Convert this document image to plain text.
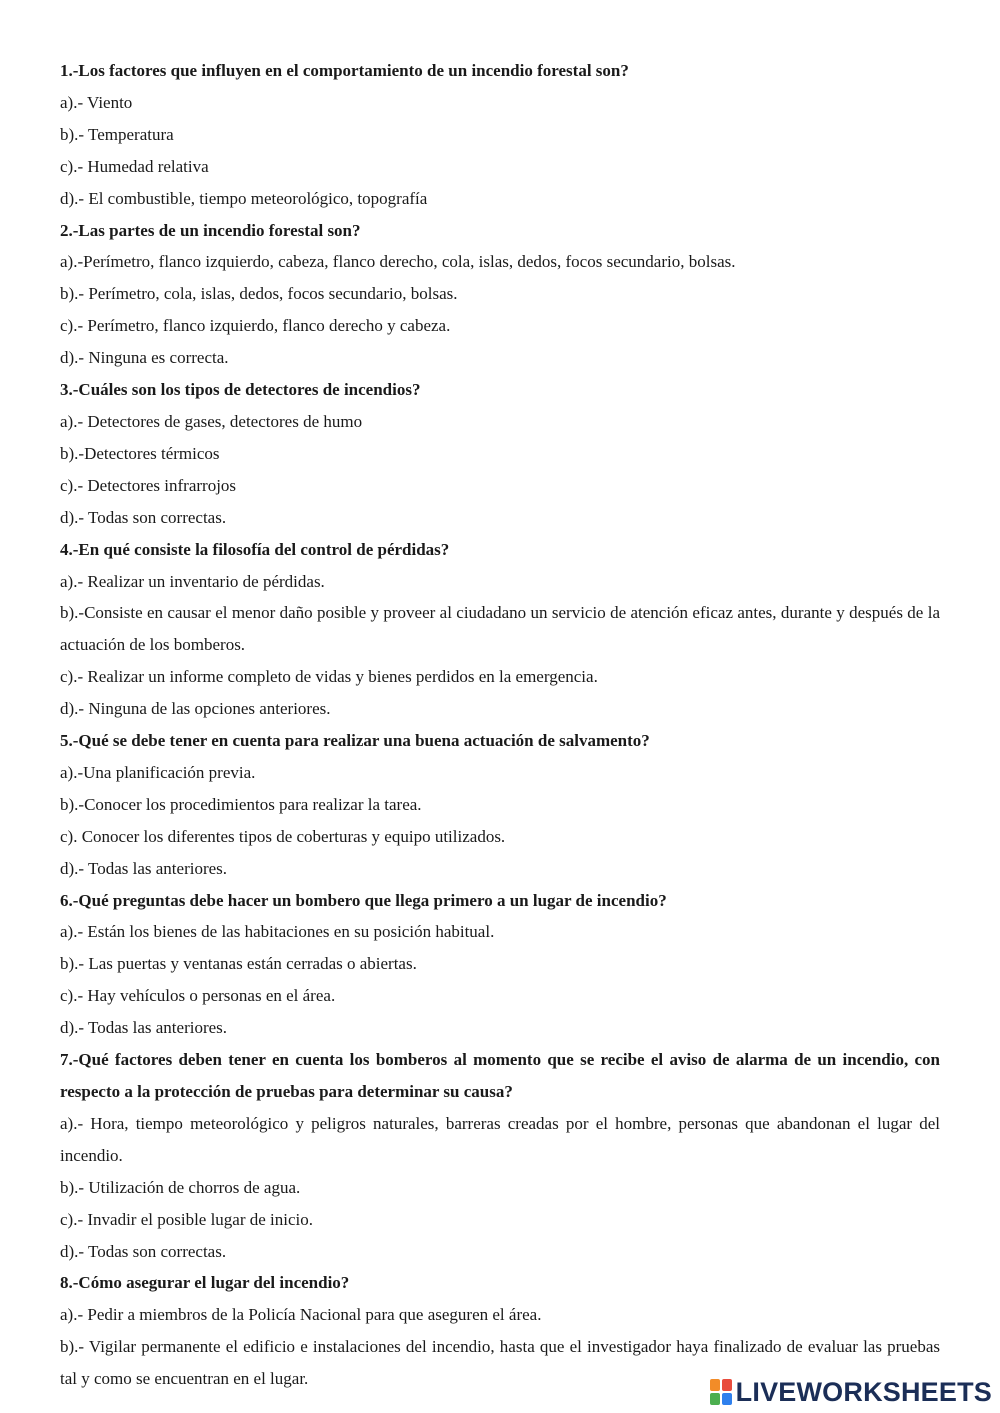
1.-Los factores que influyen en el comportamiento de un incendio forestal son?
a).- Viento
b).- Temperatura
c).- Humedad relativa
d).- El combustible, tiempo meteorológico, topografía
2.-Las partes de un incendio forestal son?
a).-Perímetro, flanco izquierdo, cabeza, flanco derecho, cola, islas, dedos, focos secundario, bolsas.
b).- Perímetro, cola, islas, dedos, focos secundario, bolsas.
c).- Perímetro, flanco izquierdo, flanco derecho y cabeza.
d).- Ninguna es correcta.
3.-Cuáles son los tipos de detectores de incendios?
a).- Detectores de gases, detectores de humo
b).-Detectores térmicos
c).- Detectores infrarrojos
d).- Todas son correctas.
4.-En qué consiste la filosofía del control de pérdidas?
a).- Realizar un inventario de pérdidas.
b).-Consiste en causar el menor daño posible y proveer al ciudadano un servicio de atención eficaz antes, durante y después de la actuación de los bomberos.
c).- Realizar un informe completo de vidas y bienes perdidos en la emergencia.
d).- Ninguna de las opciones anteriores.
5.-Qué se debe tener en cuenta para realizar una buena actuación de salvamento?
a).-Una planificación previa.
b).-Conocer los procedimientos para realizar la tarea.
c). Conocer los diferentes tipos de coberturas y equipo utilizados.
d).- Todas las anteriores.
6.-Qué preguntas debe hacer un bombero que llega primero a un lugar de incendio?
a).- Están los bienes de las habitaciones en su posición habitual.
b).- Las puertas y ventanas están cerradas o abiertas.
c).- Hay vehículos o personas en el área.
d).- Todas las anteriores.
7.-Qué factores deben tener en cuenta los bomberos al momento que se recibe el aviso de alarma de un incendio, con respecto a la protección de pruebas para determinar su causa?
a).- Hora, tiempo meteorológico y peligros naturales, barreras creadas por el hombre, personas que abandonan el lugar del incendio.
b).- Utilización de chorros de agua.
c).- Invadir el posible lugar de inicio.
d).- Todas son correctas.
8.-Cómo asegurar el lugar del incendio?
a).- Pedir a miembros de la Policía Nacional para que aseguren el área.
b).- Vigilar permanente el edificio e instalaciones del incendio, hasta que el investigador haya finalizado de evaluar las pruebas tal y como se encuentran en el lugar.	LIVEWORKSHEETS
